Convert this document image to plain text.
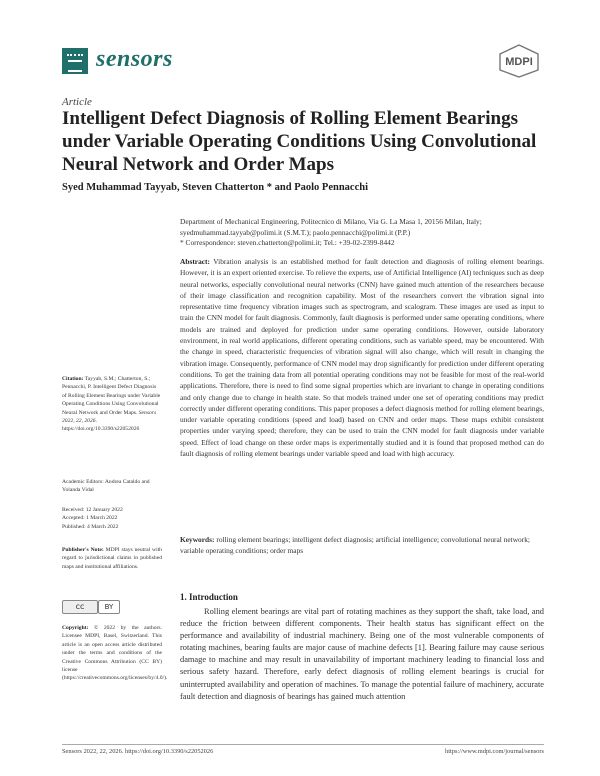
sensors	MDPI
Article
Intelligent Defect Diagnosis of Rolling Element Bearings under Variable Operating Conditions Using Convolutional Neural Network and Order Maps
Syed Muhammad Tayyab, Steven Chatterton * and Paolo Pennacchi
Department of Mechanical Engineering, Politecnico di Milano, Via G. La Masa 1, 20156 Milan, Italy;
syedmuhammad.tayyab@polimi.it (S.M.T.); paolo.pennacchi@polimi.it (P.P.)
* Correspondence: steven.chatterton@polimi.it; Tel.: +39-02-2399-8442
Abstract: Vibration analysis is an established method for fault detection and diagnosis of rolling element bearings. However, it is an expert oriented exercise. To relieve the experts, use of Artificial Intelligence (AI) techniques such as deep neural networks, especially convolutional neural networks (CNN) have gained much attention of the researchers because of their image classification and recognition capability. Most of the researchers convert the vibration signal into representative time frequency vibration images such as spectrogram, and scalogram. These images are used as input to train the CNN model for fault diagnosis. Commonly, fault diagnosis is performed under same operating conditions, where models are trained and deployed for prediction under same operating conditions. However, outside laboratory environment, in real world applications, different operating conditions, such as variable speed, may be encountered. With the change in speed, characteristic frequencies of vibration signal will also change, which will result in changing the vibration image. Consequently, performance of CNN model may drop significantly for prediction under different operating conditions. To get the training data from all potential operating conditions may not be feasible for most of the real-world applications. Therefore, there is need to find some signal properties which are invariant to change in operating conditions and only change due to change in health state. So that models trained under one set of operating conditions may predict correctly under different operating conditions. This paper proposes a defect diagnosis method for rolling element bearings, under variable operating conditions (speed and load) based on CNN and order maps. These maps exhibit consistent properties under varying speed; therefore, they can be used to train the CNN model for fault diagnosis under variable speed. Effect of load change on these order maps is experimentally studied and it is found that proposed method can do fault diagnosis of rolling element bearings under variable speed and load with high accuracy.
Keywords: rolling element bearings; intelligent defect diagnosis; artificial intelligence; convolutional neural network; variable operating conditions; order maps
Citation: Tayyab, S.M.; Chatterton, S.; Pennacchi, P. Intelligent Defect Diagnosis of Rolling Element Bearings under Variable Operating Conditions Using Convolutional Neural Network and Order Maps. Sensors 2022, 22, 2026. https://doi.org/10.3390/s22052026
Academic Editors: Andrea Cataldo and Yolanda Vidal
Received: 12 January 2022
Accepted: 1 March 2022
Published: 4 March 2022
Publisher's Note: MDPI stays neutral with regard to jurisdictional claims in published maps and institutional affiliations.
cc	BY
Copyright: © 2022 by the authors. Licensee MDPI, Basel, Switzerland. This article is an open access article distributed under the terms and conditions of the Creative Commons Attribution (CC BY) license (https://creativecommons.org/licenses/by/4.0/).
1. Introduction
Rolling element bearings are vital part of rotating machines as they support the shaft, take load, and reduce the friction between different components. Their health status has significant effect on the performance and availability of industrial machinery. Being one of the most vulnerable components of rotating machines, bearing faults are major cause of machine defects [1]. Bearing failure may cause serious damage to machine and may result in unavailability of important machinery leading to financial loss and serious safety hazard. Therefore, early defect diagnosis of rolling element bearings is crucial for uninterrupted availability and operation of machines. To manage the potential failure of machinery, accurate fault detection and diagnosis of bearings has gained much attention
Sensors 2022, 22, 2026. https://doi.org/10.3390/s22052026	https://www.mdpi.com/journal/sensors
